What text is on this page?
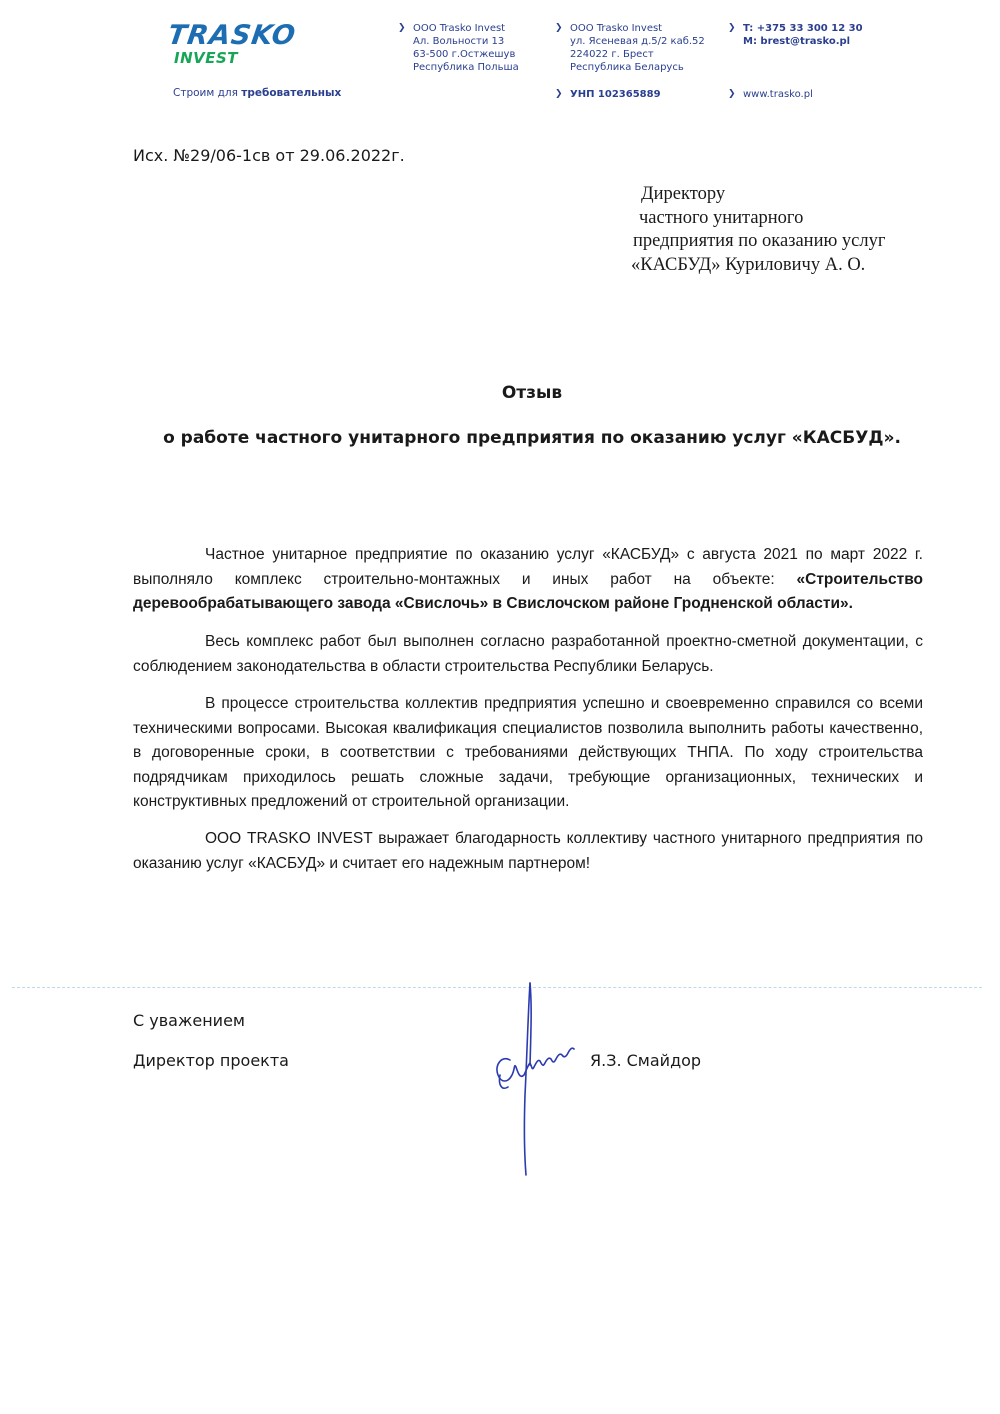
TRASKO
INVEST
Строим для требовательных
❯ ООО Trasko Invest
Ал. Вольности 13
63-500 г.Остжешув
Республика Польша
❯ ООО Trasko Invest
ул. Ясеневая д.5/2 каб.52
224022 г. Брест
Республика Беларусь
❯ УНП 102365889
❯ T: +375 33 300 12 30
M: brest@trasko.pl
❯ www.trasko.pl
Исх. №29/06-1св от 29.06.2022г.
Директору
частного унитарного
предприятия по оказанию услуг
«КАСБУД» Куриловичу А. О.
Отзыв
о работе частного унитарного предприятия по оказанию услуг «КАСБУД».

Частное унитарное предприятие по оказанию услуг «КАСБУД» с августа 2021 по март 2022 г. выполняло комплекс строительно-монтажных и иных работ на объекте: «Строительство деревообрабатывающего завода «Свислочь» в Свислочском районе Гродненской области».

Весь комплекс работ был выполнен согласно разработанной проектно-сметной документации, с соблюдением законодательства в области строительства Республики Беларусь.

В процессе строительства коллектив предприятия успешно и своевременно справился со всеми техническими вопросами. Высокая квалификация специалистов позволила выполнить работы качественно, в договоренные сроки, в соответствии с требованиями действующих ТНПА. По ходу строительства подрядчикам приходилось решать сложные задачи, требующие организационных, технических и конструктивных предложений от строительной организации.

ООО TRASKO INVEST выражает благодарность коллективу частного унитарного предприятия по оказанию услуг «КАСБУД» и считает его надежным партнером!

С уважением
Директор проекта	Я.З. Смайдор
